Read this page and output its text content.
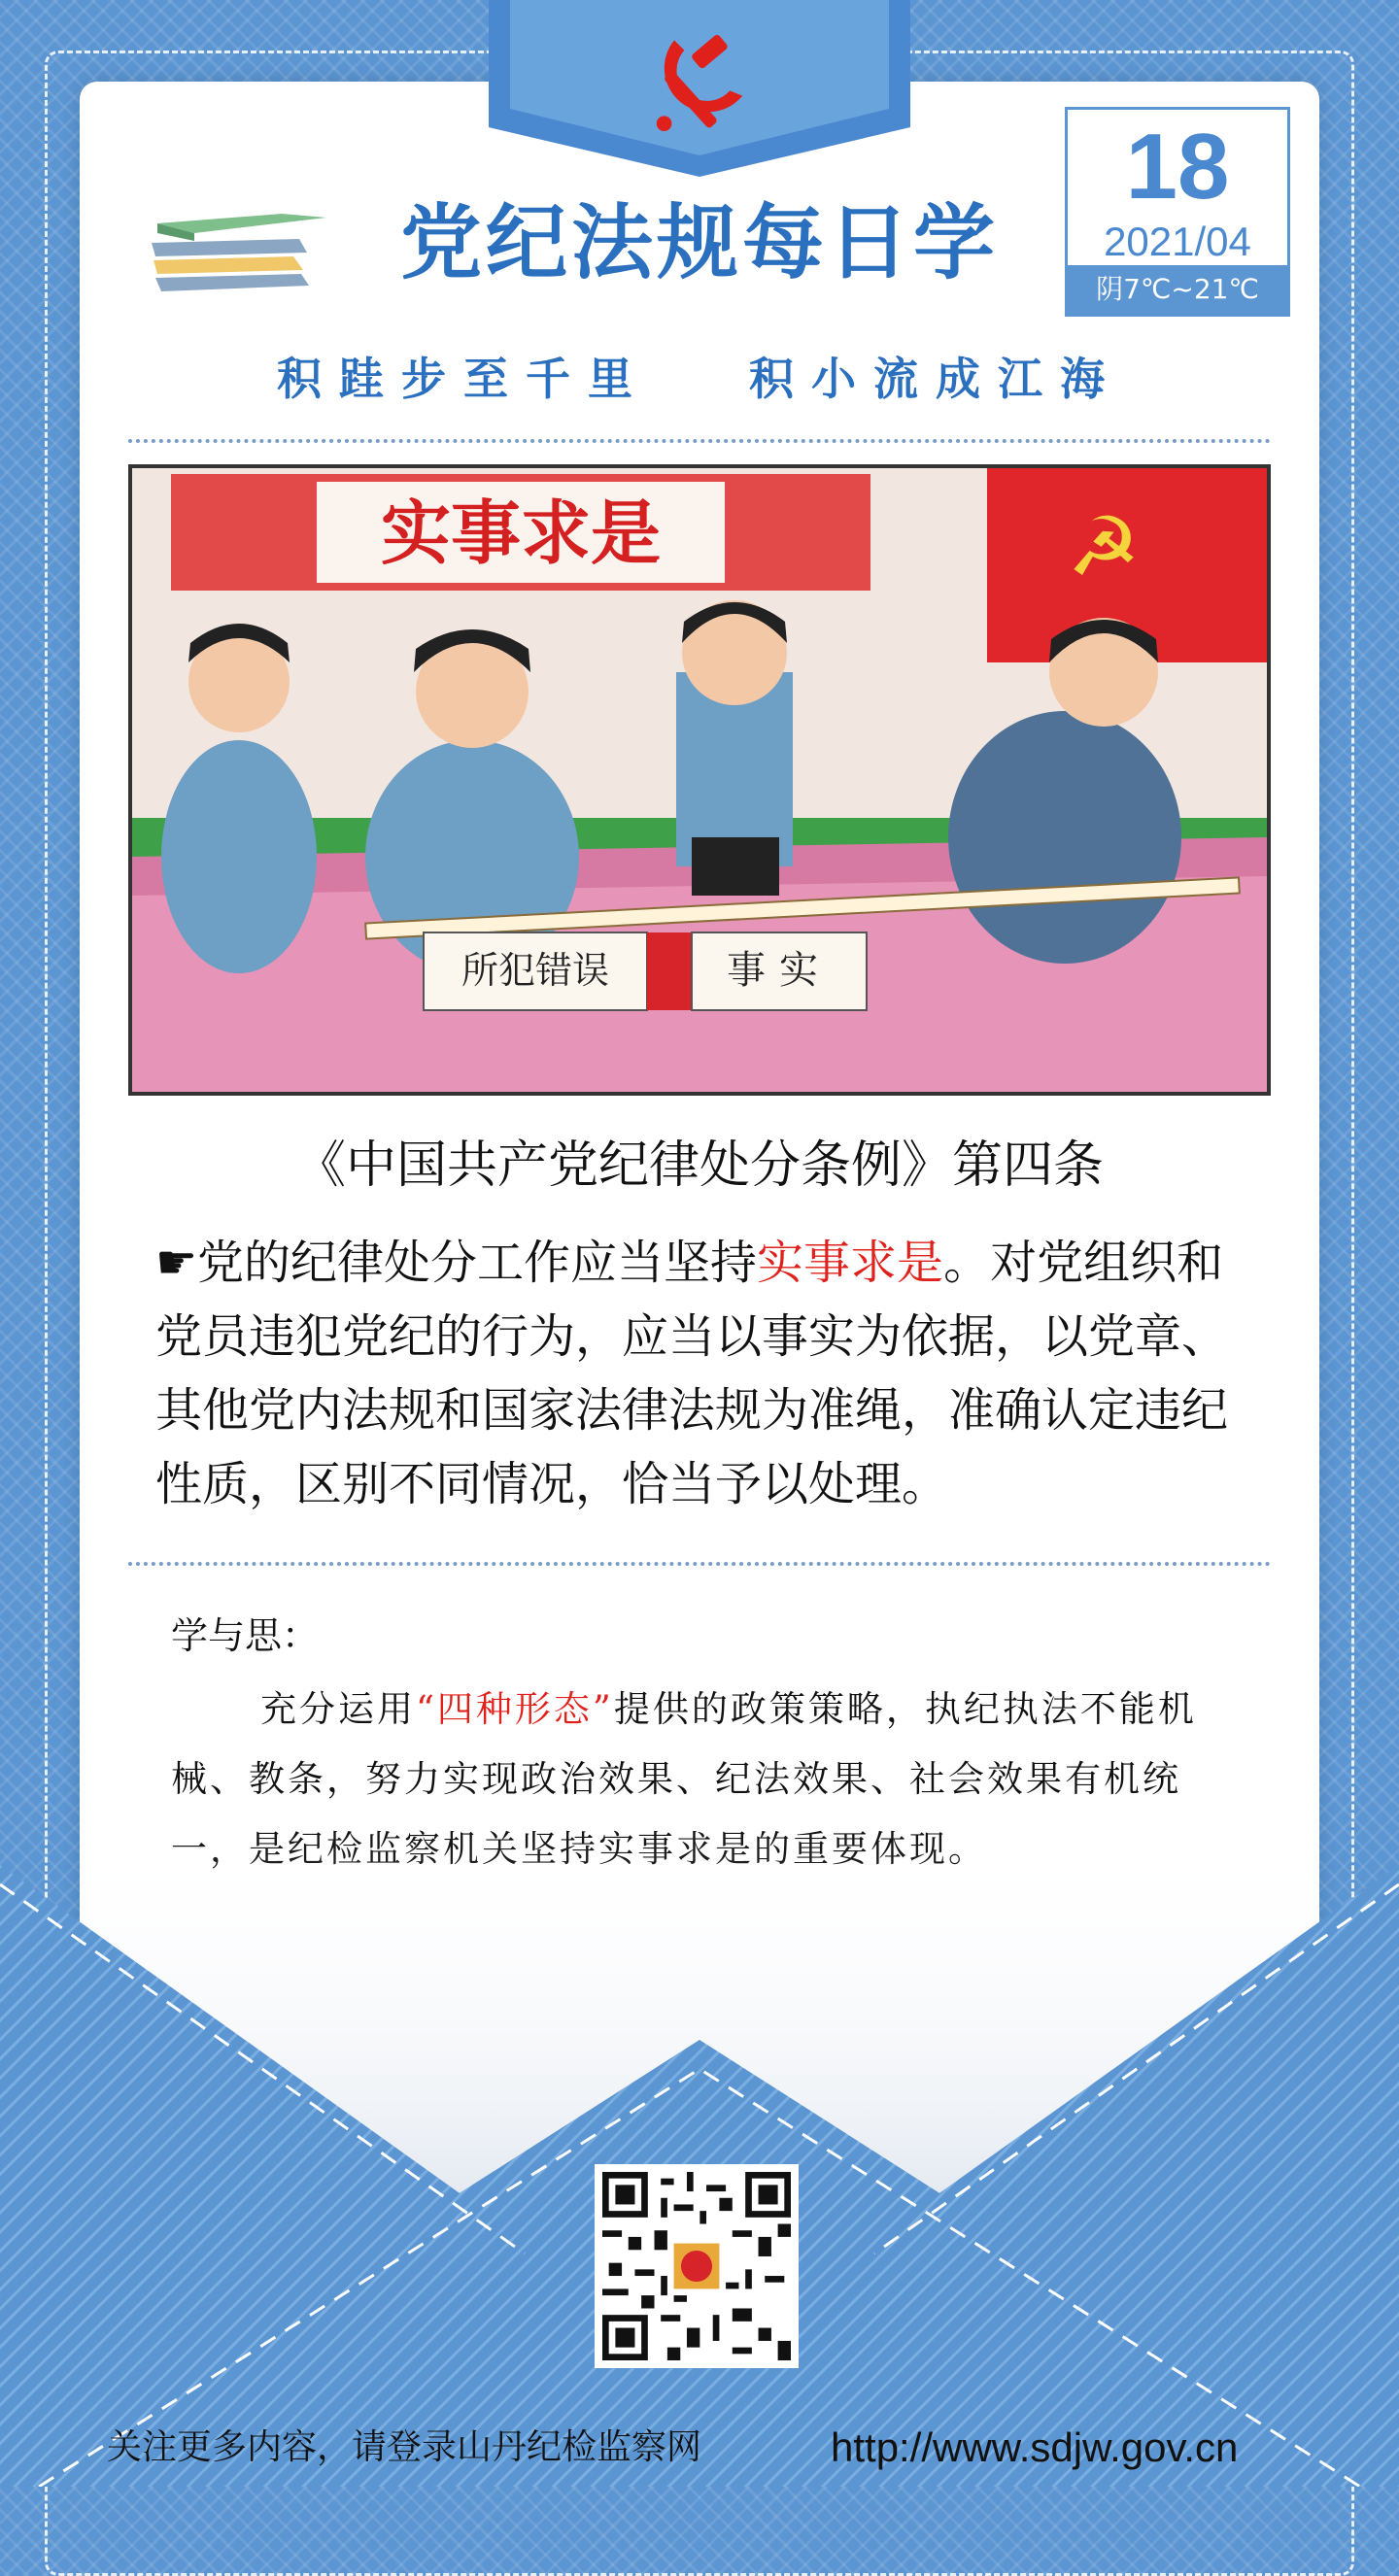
党纪法规每日学
18
2021/04
阴7℃~21℃
积跬步至千里   积小流成江海
实事求是	☭
所犯错误	事实
《中国共产党纪律处分条例》第四条
☛党的纪律处分工作应当坚持实事求是。对党组织和党员违犯党纪的行为，应当以事实为依据，以党章、其他党内法规和国家法律法规为准绳，准确认定违纪性质，区别不同情况，恰当予以处理。
学与思：
充分运用“四种形态”提供的政策策略，执纪执法不能机械、教条，努力实现政治效果、纪法效果、社会效果有机统
关注更多内容，请登录山丹纪检监察网	http://www.sdjw.gov.cn
